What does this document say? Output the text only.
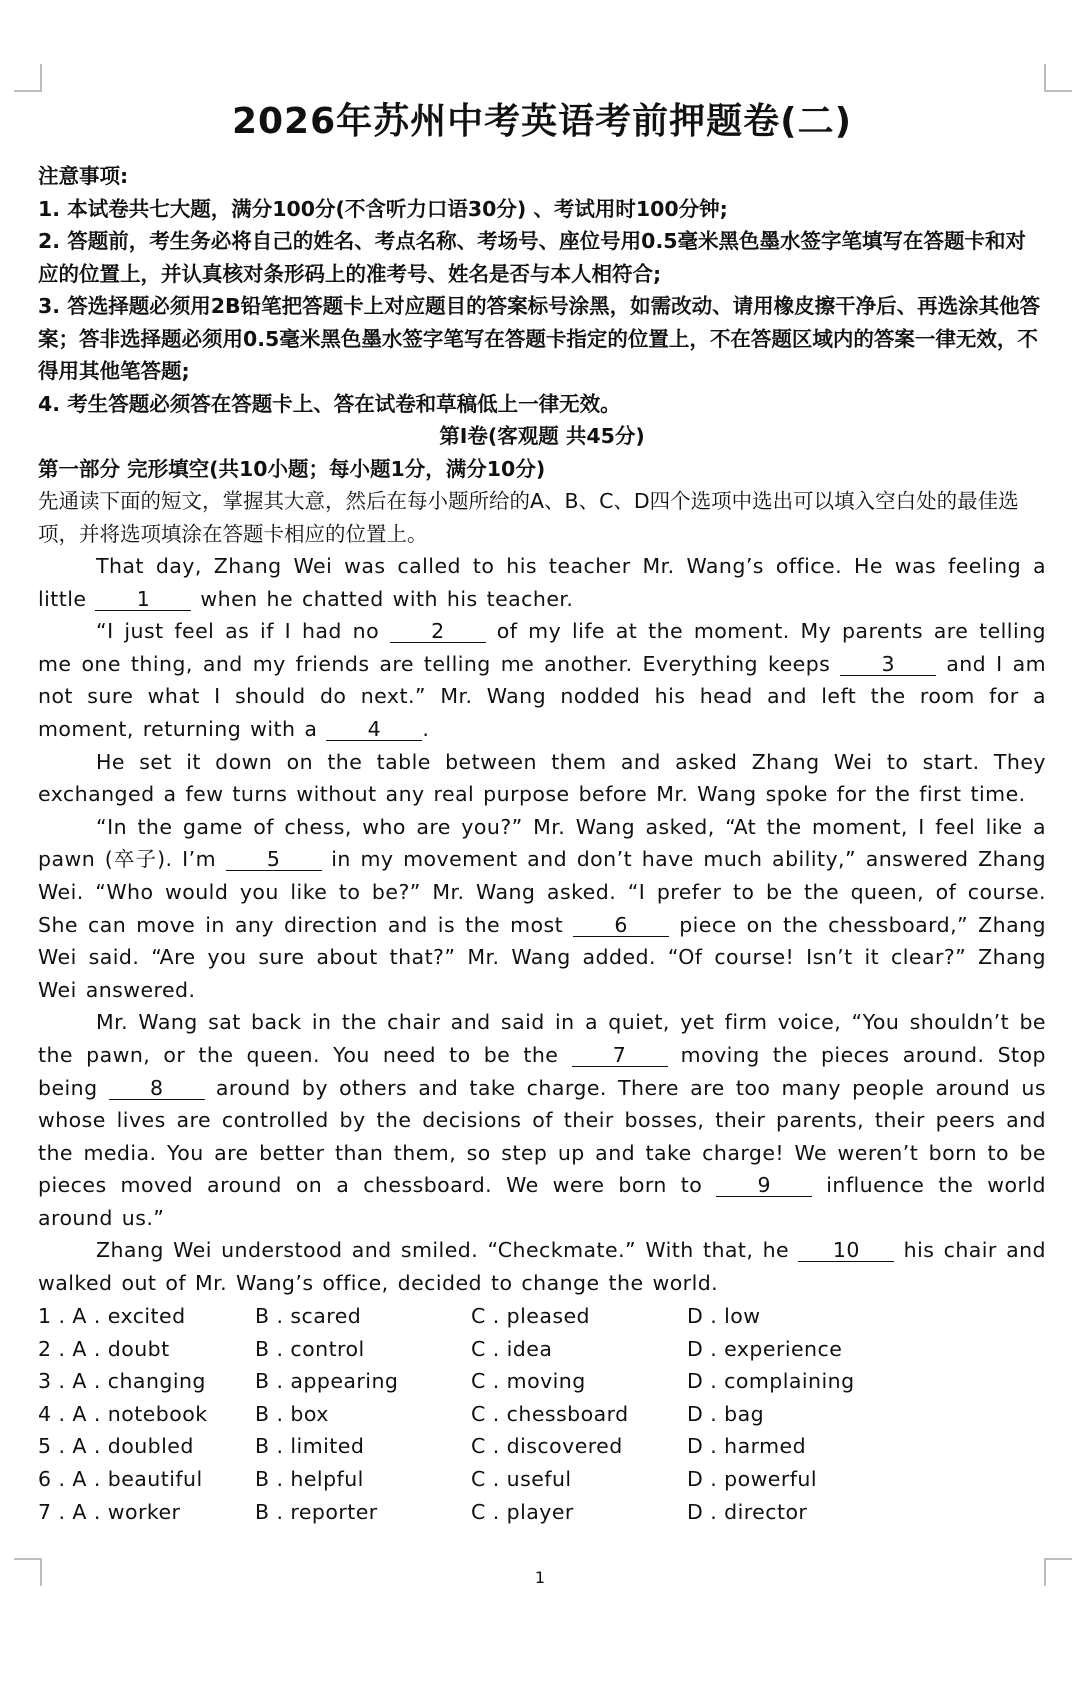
2026年苏州中考英语考前押题卷(二)
注意事项:
1. 本试卷共七大题，满分100分(不含听力口语30分) 、考试用时100分钟;
2. 答题前，考生务必将自己的姓名、考点名称、考场号、座位号用0.5毫米黑色墨水签字笔填写在答题卡和对应的位置上，并认真核对条形码上的准考号、姓名是否与本人相符合;
3. 答选择题必须用2B铅笔把答题卡上对应题目的答案标号涂黑，如需改动、请用橡皮擦干净后、再选涂其他答案；答非选择题必须用0.5毫米黑色墨水签字笔写在答题卡指定的位置上，不在答题区域内的答案一律无效，不得用其他笔答题;
4. 考生答题必须答在答题卡上、答在试卷和草稿低上一律无效。
第I卷(客观题 共45分)
第一部分 完形填空(共10小题；每小题1分，满分10分)
先通读下面的短文，掌握其大意，然后在每小题所给的A、B、C、D四个选项中选出可以填入空白处的最佳选项，并将选项填涂在答题卡相应的位置上。

That day, Zhang Wei was called to his teacher Mr. Wang’s office. He was feeling a little 1 when he chatted with his teacher.

“I just feel as if I had no 2 of my life at the moment. My parents are telling me one thing, and my friends are telling me another. Everything keeps 3 and I am not sure what I should do next.” Mr. Wang nodded his head and left the room for a moment, returning with a 4 .

He set it down on the table between them and asked Zhang Wei to start. They exchanged a few turns without any real purpose before Mr. Wang spoke for the first time.

“In the game of chess, who are you?” Mr. Wang asked, “At the moment, I feel like a pawn (卒子). I’m 5 in my movement and don’t have much ability,” answered Zhang Wei. “Who would you like to be?” Mr. Wang asked. “I prefer to be the queen, of course. She can move in any direction and is the most 6 piece on the chessboard,” Zhang Wei said. “Are you sure about that?” Mr. Wang added. “Of course! Isn’t it clear?” Zhang Wei answered.

Mr. Wang sat back in the chair and said in a quiet, yet firm voice, “You shouldn’t be the pawn, or the queen. You need to be the 7 moving the pieces around. Stop being 8 around by others and take charge. There are too many people around us whose lives are controlled by the decisions of their bosses, their parents, their peers and the media. You are better than them, so step up and take charge! We weren’t born to be pieces moved around on a chessboard. We were born to 9 influence the world around us.”

Zhang Wei understood and smiled. “Checkmate.” With that, he 10 his chair and walked out of Mr. Wang’s office, decided to change the world.

1 . A . excited	B . scared	C . pleased	D . low
2 . A . doubt	B . control	C . idea	D . experience
3 . A . changing	B . appearing	C . moving	D . complaining
4 . A . notebook	B . box	C . chessboard	D . bag
5 . A . doubled	B . limited	C . discovered	D . harmed
6 . A . beautiful	B . helpful	C . useful	D . powerful
7 . A . worker	B . reporter	C . player	D . director
1
